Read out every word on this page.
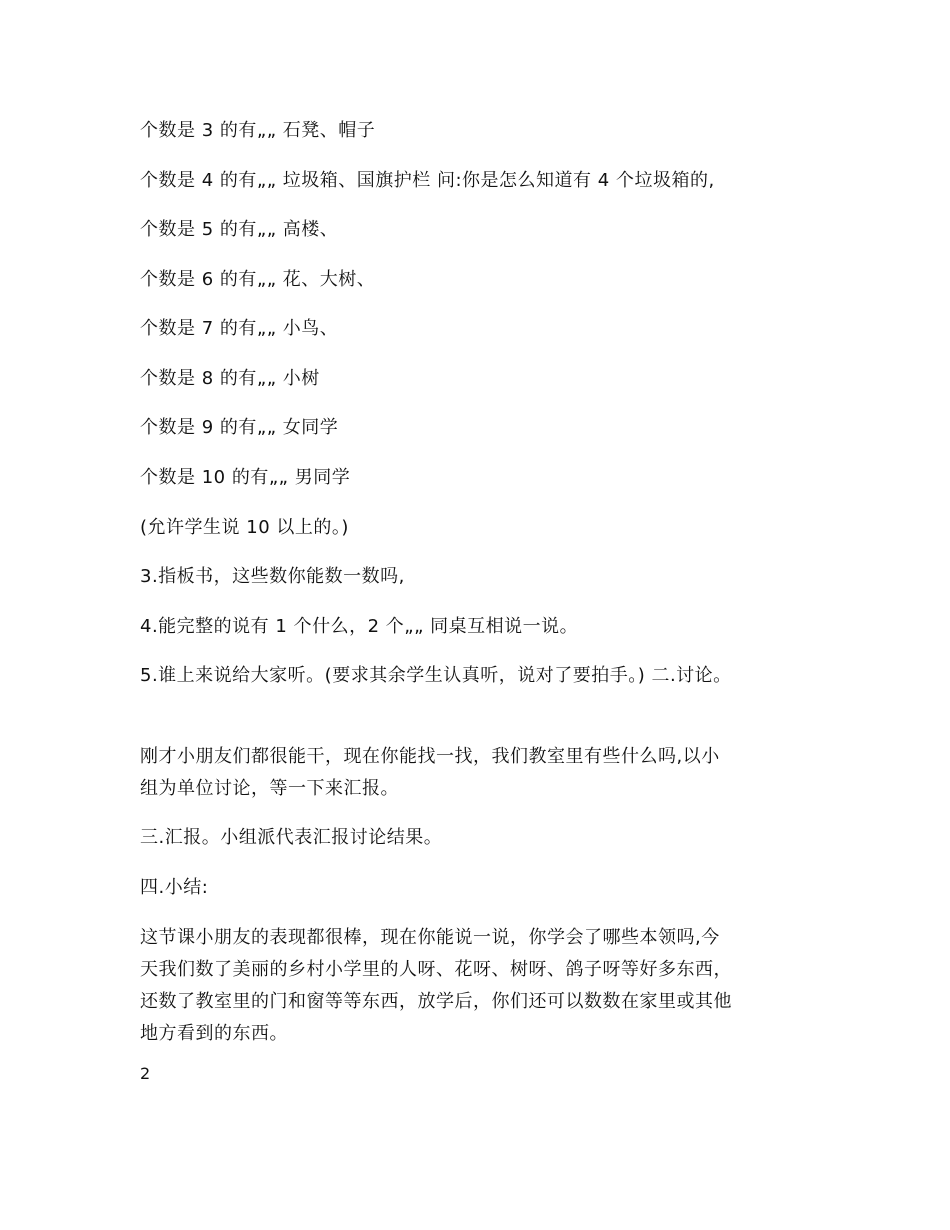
个数是 3 的有„„ 石凳、帽子
个数是 4 的有„„ 垃圾箱、国旗护栏 问:你是怎么知道有 4 个垃圾箱的,
个数是 5 的有„„ 高楼、
个数是 6 的有„„ 花、大树、
个数是 7 的有„„ 小鸟、
个数是 8 的有„„ 小树
个数是 9 的有„„ 女同学
个数是 10 的有„„ 男同学
(允许学生说 10 以上的。)
3.指板书，这些数你能数一数吗,
4.能完整的说有 1 个什么，2 个„„ 同桌互相说一说。
5.谁上来说给大家听。(要求其余学生认真听，说对了要拍手。) 二.讨论。
刚才小朋友们都很能干，现在你能找一找，我们教室里有些什么吗,以小
组为单位讨论，等一下来汇报。
三.汇报。小组派代表汇报讨论结果。
四.小结:
这节课小朋友的表现都很棒，现在你能说一说，你学会了哪些本领吗,今
天我们数了美丽的乡村小学里的人呀、花呀、树呀、鸽子呀等好多东西，
还数了教室里的门和窗等等东西，放学后，你们还可以数数在家里或其他
地方看到的东西。
2
